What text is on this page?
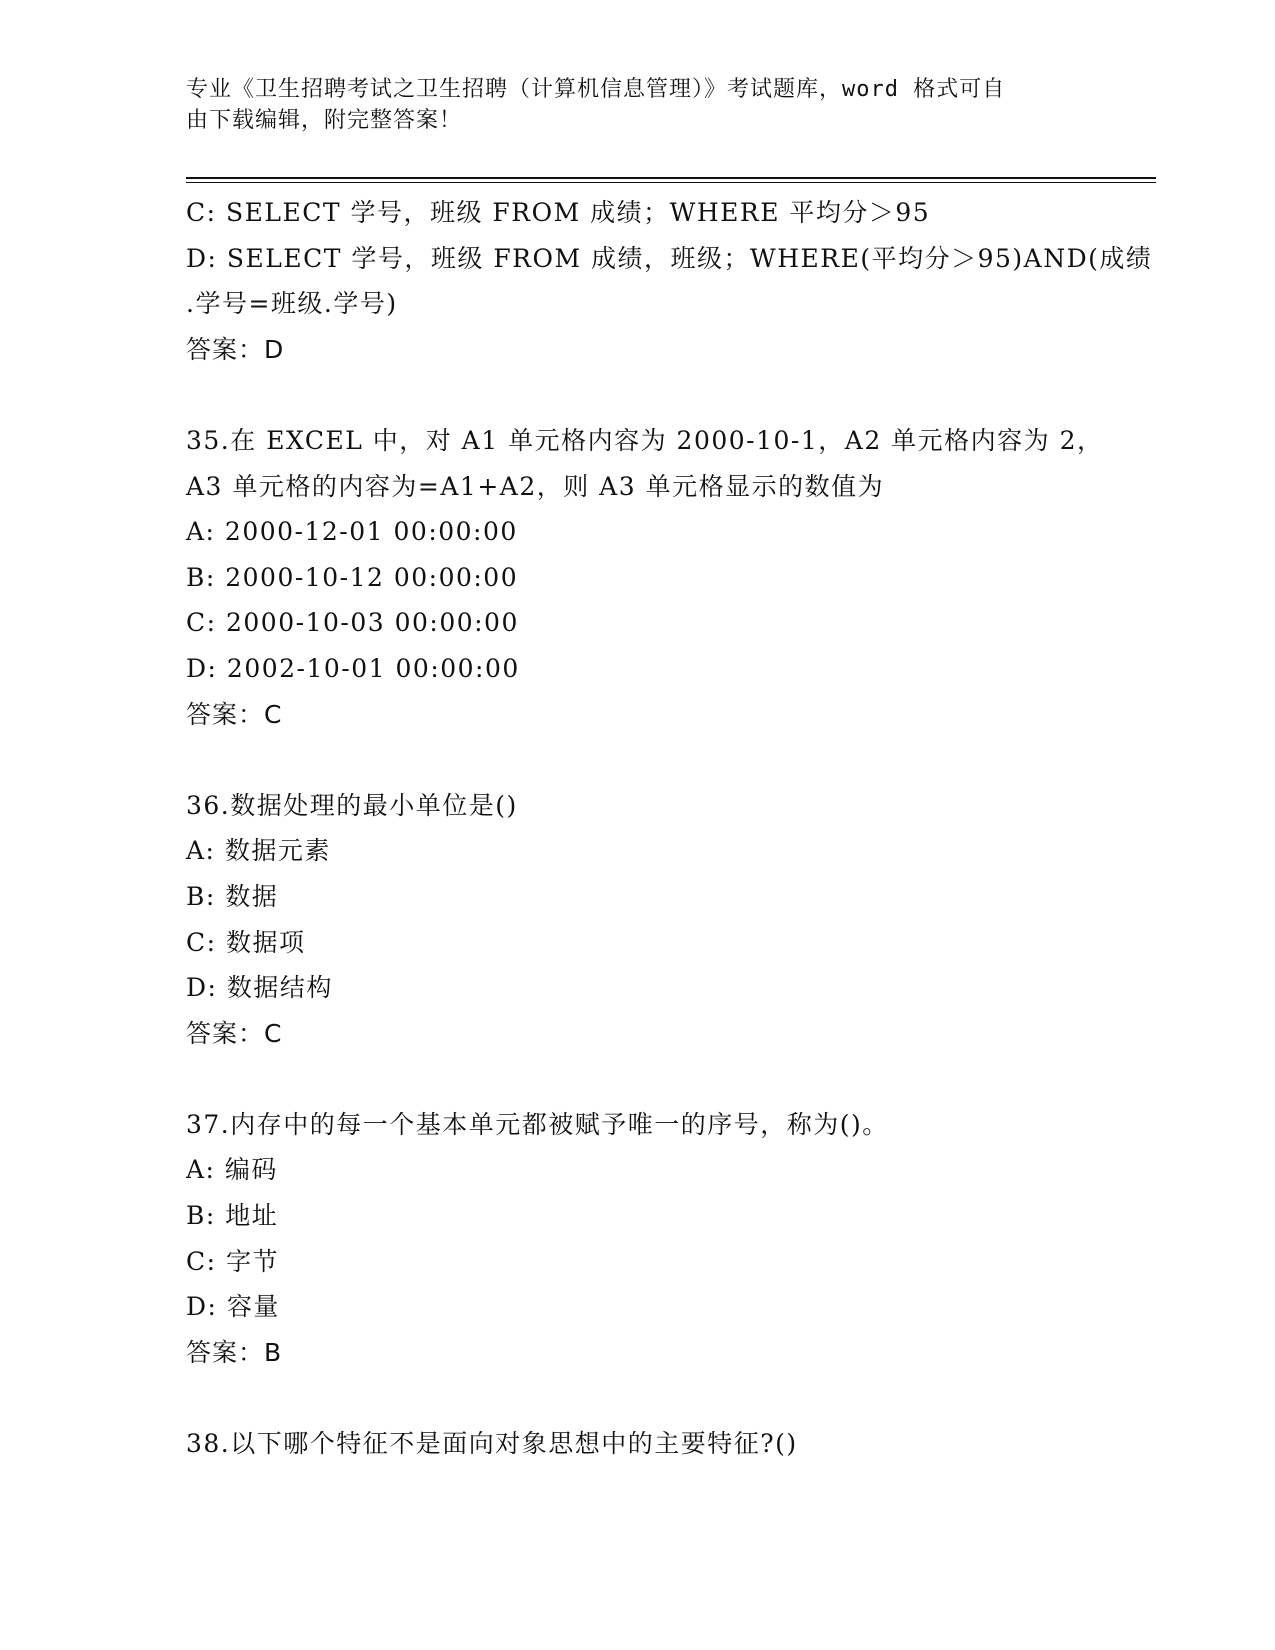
专业《卫生招聘考试之卫生招聘（计算机信息管理）》考试题库，word 格式可自
由下载编辑，附完整答案！
C: SELECT 学号，班级 FROM 成绩；WHERE 平均分＞95
D: SELECT 学号，班级 FROM 成绩，班级；WHERE(平均分＞95)AND(成绩
.学号=班级.学号)
答案：D
35.在 EXCEL 中，对 A1 单元格内容为 2000-10-1，A2 单元格内容为 2，
A3 单元格的内容为=A1+A2，则 A3 单元格显示的数值为
A: 2000-12-01 00:00:00
B: 2000-10-12 00:00:00
C: 2000-10-03 00:00:00
D: 2002-10-01 00:00:00
答案：C
36.数据处理的最小单位是()
A: 数据元素
B: 数据
C: 数据项
D: 数据结构
答案：C
37.内存中的每一个基本单元都被赋予唯一的序号，称为()。
A: 编码
B: 地址
C: 字节
D: 容量
答案：B
38.以下哪个特征不是面向对象思想中的主要特征?()
